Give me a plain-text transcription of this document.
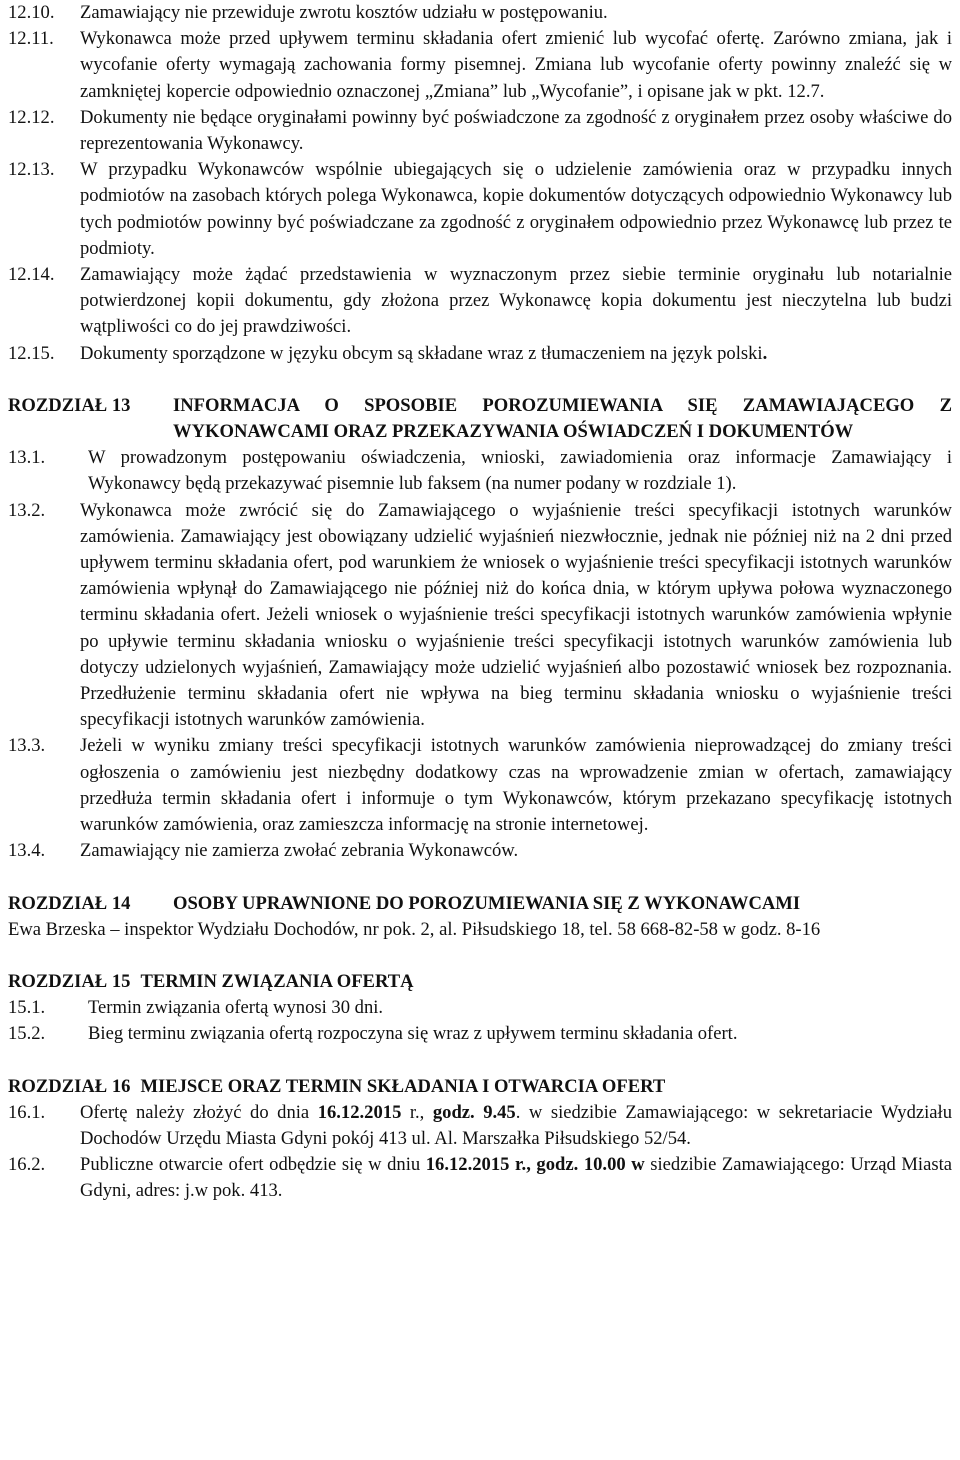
12.10.	Zamawiający nie przewiduje zwrotu kosztów udziału w postępowaniu.
12.11.	Wykonawca może przed upływem terminu składania ofert zmienić lub wycofać ofertę. Zarówno zmiana, jak i wycofanie oferty wymagają zachowania formy pisemnej. Zmiana lub wycofanie oferty powinny znaleźć się w zamkniętej kopercie odpowiednio oznaczonej „Zmiana” lub „Wycofanie”, i opisane jak w pkt. 12.7.
12.12.	Dokumenty nie będące oryginałami powinny być poświadczone za zgodność z oryginałem przez osoby właściwe do reprezentowania Wykonawcy.
12.13.	W przypadku Wykonawców wspólnie ubiegających się o udzielenie zamówienia oraz w przypadku innych podmiotów na zasobach których polega Wykonawca, kopie dokumentów dotyczących odpowiednio Wykonawcy lub tych podmiotów powinny być poświadczane za zgodność z oryginałem odpowiednio przez Wykonawcę lub przez te podmioty.
12.14.	Zamawiający może żądać przedstawienia w wyznaczonym przez siebie terminie oryginału lub notarialnie potwierdzonej kopii dokumentu, gdy złożona przez Wykonawcę kopia dokumentu jest nieczytelna lub budzi wątpliwości co do jej prawdziwości.
12.15.	Dokumenty sporządzone w języku obcym są składane wraz z tłumaczeniem na język polski.
ROZDZIAŁ 13	INFORMACJA O SPOSOBIE POROZUMIEWANIA SIĘ ZAMAWIAJĄCEGO Z WYKONAWCAMI ORAZ PRZEKAZYWANIA OŚWIADCZEŃ I DOKUMENTÓW
13.1.	W prowadzonym postępowaniu oświadczenia, wnioski, zawiadomienia oraz informacje Zamawiający i Wykonawcy będą przekazywać pisemnie lub faksem (na numer podany w rozdziale 1).
13.2.	Wykonawca może zwrócić się do Zamawiającego o wyjaśnienie treści specyfikacji istotnych warunków zamówienia. Zamawiający jest obowiązany udzielić wyjaśnień niezwłocznie, jednak nie później niż na 2 dni przed upływem terminu składania ofert, pod warunkiem że wniosek o wyjaśnienie treści specyfikacji istotnych warunków zamówienia wpłynął do Zamawiającego nie później niż do końca dnia, w którym upływa połowa wyznaczonego terminu składania ofert. Jeżeli wniosek o wyjaśnienie treści specyfikacji istotnych warunków zamówienia wpłynie po upływie terminu składania wniosku o wyjaśnienie treści specyfikacji istotnych warunków zamówienia lub dotyczy udzielonych wyjaśnień, Zamawiający może udzielić wyjaśnień albo pozostawić wniosek bez rozpoznania. Przedłużenie terminu składania ofert nie wpływa na bieg terminu składania wniosku o wyjaśnienie treści specyfikacji istotnych warunków zamówienia.
13.3.	Jeżeli w wyniku zmiany treści specyfikacji istotnych warunków zamówienia nieprowadzącej do zmiany treści ogłoszenia o zamówieniu jest niezbędny dodatkowy czas na wprowadzenie zmian w ofertach, zamawiający przedłuża termin składania ofert i informuje o tym Wykonawców, którym przekazano specyfikację istotnych warunków zamówienia, oraz zamieszcza informację na stronie internetowej.
13.4.	Zamawiający nie zamierza zwołać zebrania Wykonawców.
ROZDZIAŁ 14	OSOBY UPRAWNIONE DO POROZUMIEWANIA SIĘ Z WYKONAWCAMI
Ewa Brzeska – inspektor Wydziału Dochodów, nr pok. 2, al. Piłsudskiego 18, tel. 58 668-82-58 w godz. 8-16
ROZDZIAŁ 15 TERMIN ZWIĄZANIA OFERTĄ
15.1.	Termin związania ofertą wynosi 30 dni.
15.2.	Bieg terminu związania ofertą rozpoczyna się wraz z upływem terminu składania ofert.
ROZDZIAŁ 16 MIEJSCE ORAZ TERMIN SKŁADANIA I OTWARCIA OFERT
16.1.	Ofertę należy złożyć do dnia 16.12.2015 r., godz. 9.45. w siedzibie Zamawiającego: w sekretariacie Wydziału Dochodów Urzędu Miasta Gdyni pokój 413 ul. Al. Marszałka Piłsudskiego 52/54.
16.2.	Publiczne otwarcie ofert odbędzie się w dniu 16.12.2015 r., godz. 10.00 w siedzibie Zamawiającego: Urząd Miasta Gdyni, adres: j.w pok. 413.
